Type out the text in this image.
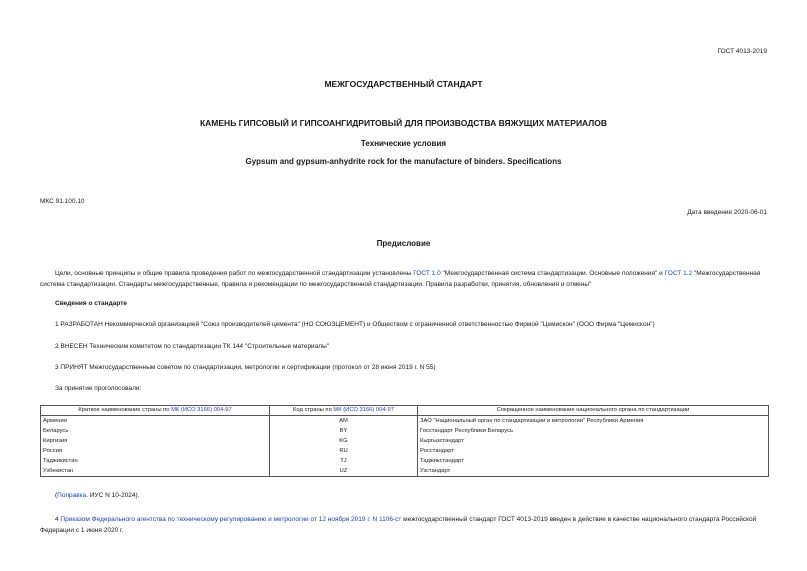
ГОСТ 4013-2019
МЕЖГОСУДАРСТВЕННЫЙ СТАНДАРТ
КАМЕНЬ ГИПСОВЫЙ И ГИПСОАНГИДРИТОВЫЙ ДЛЯ ПРОИЗВОДСТВА ВЯЖУЩИХ МАТЕРИАЛОВ
Технические условия
Gypsum and gypsum-anhydrite rock for the manufacture of binders. Specifications
МКС 91.100.10
Дата введения 2020-06-01
Предисловие
Цели, основные принципы и общие правила проведения работ по межгосударственной стандартизации установлены ГОСТ 1.0 "Межгосударственная система стандартизации. Основные положения" и ГОСТ 1.2 "Межгосударственная система стандартизации. Стандарты межгосударственные, правила и рекомендации по межгосударственной стандартизации. Правила разработки, принятия, обновления и отмены"
Сведения о стандарте
1 РАЗРАБОТАН Некоммерческой организацией "Союз производителей цемента" (НО СОЮЗЦЕМЕНТ) и Обществом с ограниченной ответственностью Фирмой "Цемискон" (ООО Фирма "Цемискон")
2 ВНЕСЕН Техническим комитетом по стандартизации ТК 144 "Строительные материалы"
3 ПРИНЯТ Межгосударственным советом по стандартизации, метрологии и сертификации (протокол от 28 июня 2019 г. N 55)
За принятие проголосовали:
Краткое наименование страны по МК (ИСО 3166) 004-97	Код страны по МК (ИСО 3166) 004-97	Сокращенное наименование национального органа по стандартизации
Армения	AM	ЗАО "Национальный орган по стандартизации и метрологии" Республики Армения
Беларусь	BY	Госстандарт Республики Беларусь
Киргизия	KG	Кыргызстандарт
Россия	RU	Росстандарт
Таджикистан	TJ	Таджикстандарт
Узбекистан	UZ	Узстандарт
(Поправка. ИУС N 10-2024).
4 Приказом Федерального агентства по техническому регулированию и метрологии от 12 ноября 2019 г. N 1106-ст межгосударственный стандарт ГОСТ 4013-2019 введен в действие в качестве национального стандарта Российской Федерации с 1 июня 2020 г.
